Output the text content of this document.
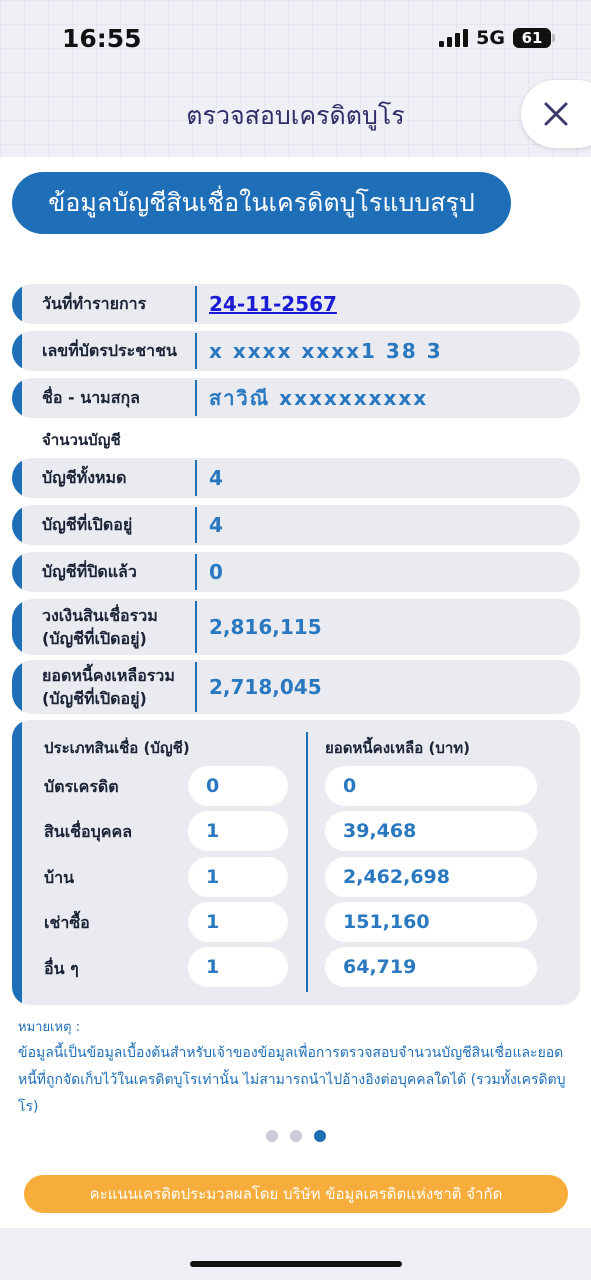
16:55	5G	61
ตรวจสอบเครดิตบูโร
ข้อมูลบัญชีสินเชื่อในเครดิตบูโรแบบสรุป
วันที่ทำรายการ	24-11-2567
เลขที่บัตรประชาชน	x xxxx xxxx1 38 3
ชื่อ - นามสกุล	สาวิณี xxxxxxxxxx
จำนวนบัญชี
บัญชีทั้งหมด	4
บัญชีที่เปิดอยู่	4
บัญชีที่ปิดแล้ว	0
วงเงินสินเชื่อรวม
(บัญชีที่เปิดอยู่)	2,816,115
ยอดหนี้คงเหลือรวม
(บัญชีที่เปิดอยู่)	2,718,045
ประเภทสินเชื่อ (บัญชี)	ยอดหนี้คงเหลือ (บาท)
บัตรเครดิต	0	0
สินเชื่อบุคคล	1	39,468
บ้าน	1	2,462,698
เช่าซื้อ	1	151,160
อื่น ๆ	1	64,719
หมายเหตุ :
ข้อมูลนี้เป็นข้อมูลเบื้องต้นสำหรับเจ้าของข้อมูลเพื่อการตรวจสอบจำนวนบัญชีสินเชื่อและยอดหนี้ที่ถูกจัดเก็บไว้ในเครดิตบูโรเท่านั้น ไม่สามารถนำไปอ้างอิงต่อบุคคลใดได้ (รวมทั้งเครดิตบูโร)
คะแนนเครดิตประมวลผลโดย บริษัท ข้อมูลเครดิตแห่งชาติ จำกัด
